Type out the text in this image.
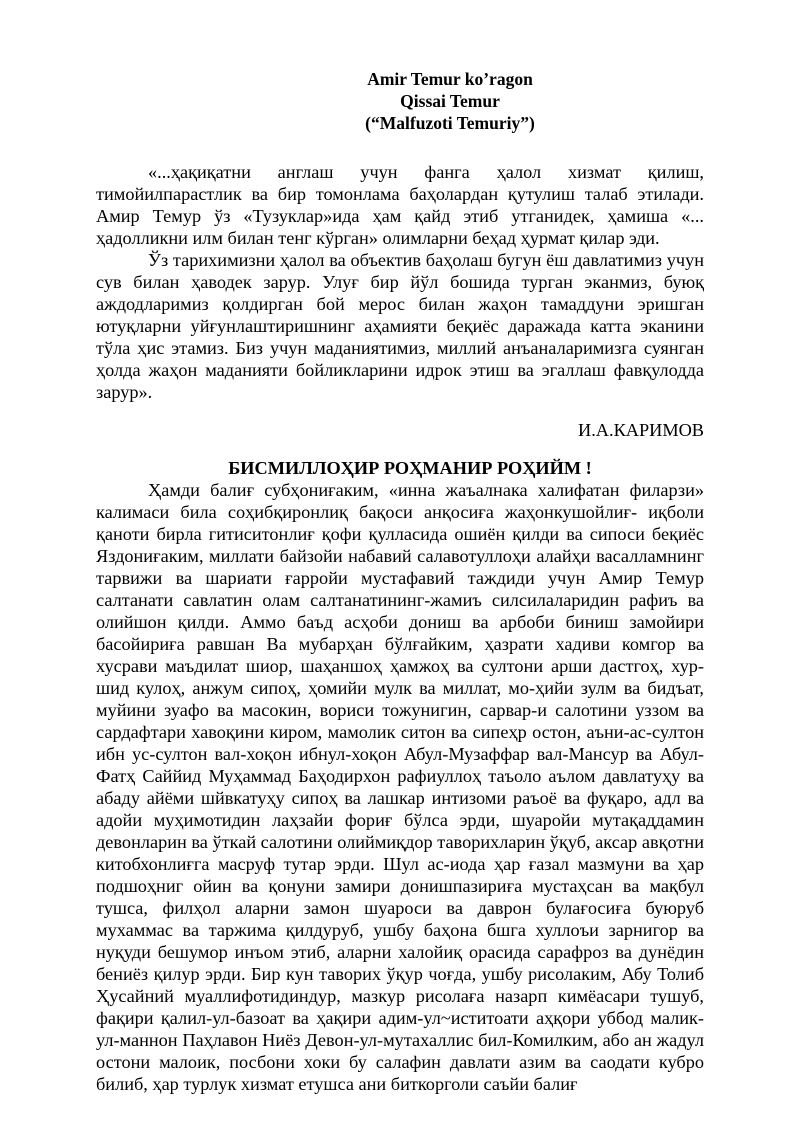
Amir Temur ko’ragon
Qissai Temur
(“Malfuzoti Temuriy”)

«...ҳақиқатни англаш учун фанга ҳалол хизмат қилиш, тимойилпарастлик ва бир томонлама баҳолардан қутулиш талаб этилади. Амир Темур ўз «Тузуклар»ида ҳам қайд этиб утганидек, ҳамиша «... ҳадолликни илм билан тенг кўрган» олимларни беҳад ҳурмат қилар эди.

Ўз тарихимизни ҳалол ва объектив баҳолаш бугун ёш давлатимиз учун сув билан ҳаводек зарур. Улуғ бир йўл бошида турган эканмиз, буюқ аждодларимиз қолдирган бой мерос билан жаҳон тамаддуни эришган ютуқларни уйғунлаштиришнинг аҳамияти беқиёс даражада катта эканини тўла ҳис этамиз. Биз учун маданиятимиз, миллий анъаналаримизга суянган ҳолда жаҳон маданияти бойликларини идрок этиш ва эгаллаш фавқулодда зарур».

И.А.КАРИМОВ
БИСМИЛЛОҲИР РОҲМАНИР РОҲИЙМ !

Ҳамди балиғ субҳониғаким, «инна жаъалнака халифатан филарзи» калимаси била соҳибқиронлиқ бақоси анқосиға жаҳонкушойлиғ- иқболи қаноти бирла гитиситонлиғ қофи қулласида ошиён қилди ва сипоси беқиёс Яздониғаким, миллати байзойи набавий салавотуллоҳи алайҳи васалламнинг тарвижи ва шариати ғарройи мустафавий таждиди учун Амир Темур салтанати савлатин олам салтанатининг-жамиъ силсилаларидин рафиъ ва олийшон қилди. Аммо баъд асҳоби дониш ва арбоби биниш замойири басойириға равшан Ва мубарҳан бўлғайким, ҳазрати хадиви комгор ва хусрави маъдилат шиор, шаҳаншоҳ ҳамжоҳ ва султони арши дастгоҳ, хур-шид кулоҳ, анжум сипоҳ, ҳомийи мулк ва миллат, мо-ҳийи зулм ва бидъат, муйини зуафо ва масокин, вориси тожунигин, сарвар-и салотини уззом ва сардафтари хавоқини киром, мамолик ситон ва сипеҳр остон, аъни-ас-султон ибн ус-султон вал-хоқон ибнул-хоқон Абул-Музаффар вал-Мансур ва Абул-Фатҳ Саййид Муҳаммад Баҳодирхон рафиуллоҳ таъоло аълом давлатуҳу ва абаду айёми шйвкатуҳу сипоҳ ва лашкар интизоми раъоё ва фуқаро, адл ва адойи муҳимотидин лаҳзайи фориғ бўлса эрди, шуаройи мутақаддамин девонларин ва ўткай салотини олиймиқдор таворихларин ўқуб, аксар авқотни китобхонлиғга масруф тутар эрди. Шул ас-иода ҳар ғазал мазмуни ва ҳар подшоҳниг ойин ва қонуни замири донишпазириға мустаҳсан ва мақбул тушса, филҳол аларни замон шуароси ва даврон булағосиға буюруб мухаммас ва таржима қилдуруб, ушбу баҳона бшга хуллоъи зарнигор ва нуқуди бешумор инъом этиб, аларни халойиқ орасида сарафроз ва дунёдин бениёз қилур эрди. Бир кун таворих ўқур чоғда, ушбу рисолаким, Абу Толиб Ҳусайний муаллифотидиндур, мазкур рисолаға назарп кимёасари тушуб, фақири қалил-ул-базоат ва ҳақири адим-ул~иститоати аҳқори уббод малик-ул-маннон Паҳлавон Ниёз Девон-ул-мутахаллис бил-Комилким, або ан жадул остони малоик, посбони хоки бу салафин давлати азим ва саодати кубро билиб, ҳар турлук хизмат етушса ани биткорголи саъйи балиғ
